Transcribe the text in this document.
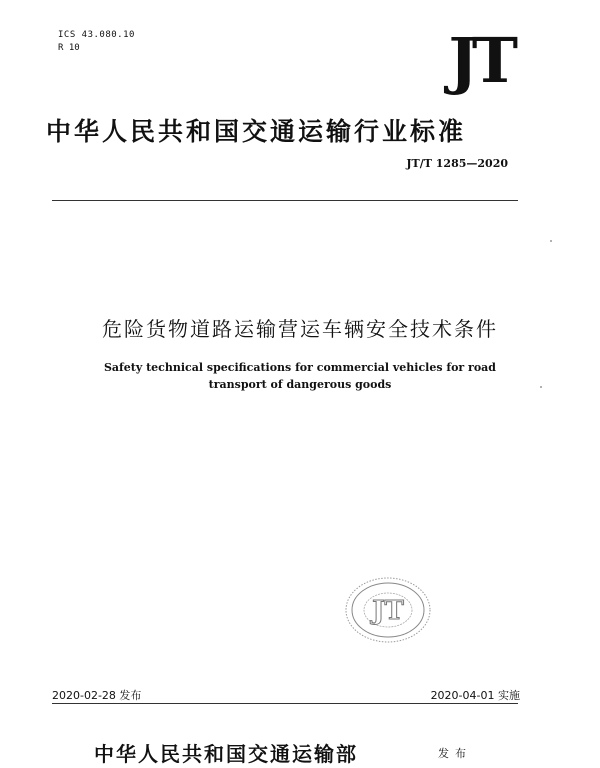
ICS 43.080.10
R 10	JT
中华人民共和国交通运输行业标准
JT/T 1285—2020
危险货物道路运输营运车辆安全技术条件
Safety technical specifications for commercial vehicles for road
transport of dangerous goods
JT
2020-02-28 发布	2020-04-01 实施
中华人民共和国交通运输部	发布
